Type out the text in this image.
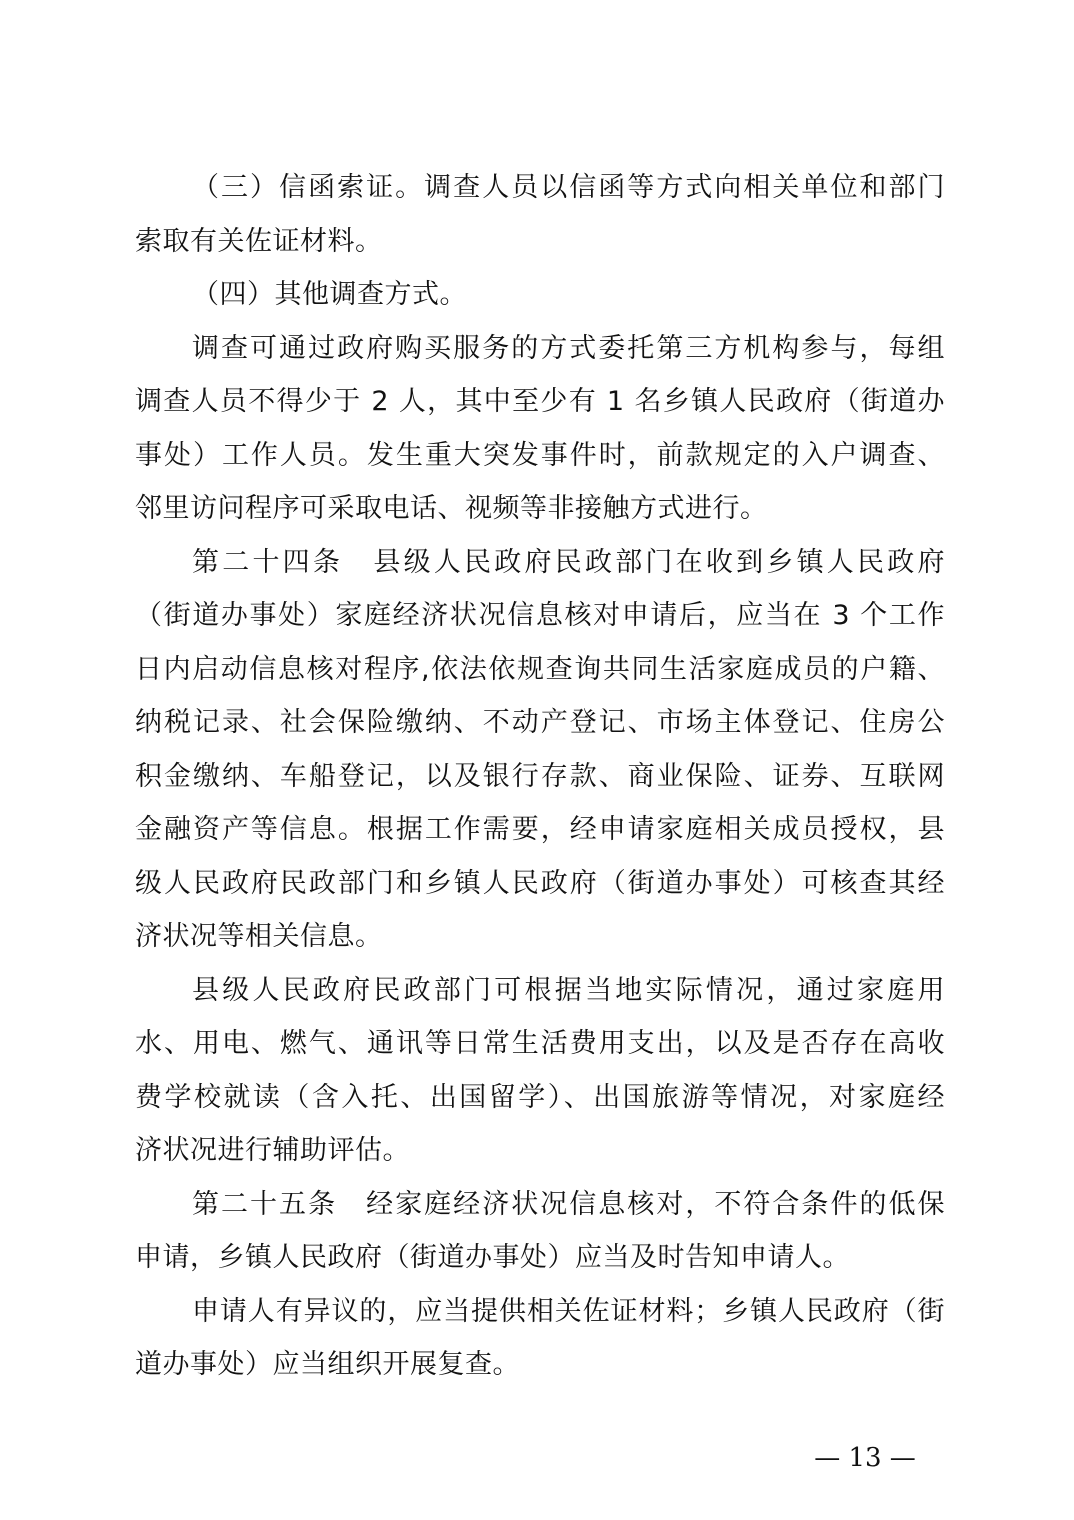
（三）信函索证。调查人员以信函等方式向相关单位和部门
索取有关佐证材料。
（四）其他调查方式。
调查可通过政府购买服务的方式委托第三方机构参与，每组
调查人员不得少于 2 人，其中至少有 1 名乡镇人民政府（街道办
事处）工作人员。发生重大突发事件时，前款规定的入户调查、
邻里访问程序可采取电话、视频等非接触方式进行。
第二十四条　县级人民政府民政部门在收到乡镇人民政府
（街道办事处）家庭经济状况信息核对申请后，应当在 3 个工作
日内启动信息核对程序,依法依规查询共同生活家庭成员的户籍、
纳税记录、社会保险缴纳、不动产登记、市场主体登记、住房公
积金缴纳、车船登记，以及银行存款、商业保险、证券、互联网
金融资产等信息。根据工作需要，经申请家庭相关成员授权，县
级人民政府民政部门和乡镇人民政府（街道办事处）可核查其经
济状况等相关信息。
县级人民政府民政部门可根据当地实际情况，通过家庭用
水、用电、燃气、通讯等日常生活费用支出，以及是否存在高收
费学校就读（含入托、出国留学）、出国旅游等情况，对家庭经
济状况进行辅助评估。
第二十五条　经家庭经济状况信息核对，不符合条件的低保
申请，乡镇人民政府（街道办事处）应当及时告知申请人。
申请人有异议的，应当提供相关佐证材料；乡镇人民政府（街
道办事处）应当组织开展复查。
— 13 —
